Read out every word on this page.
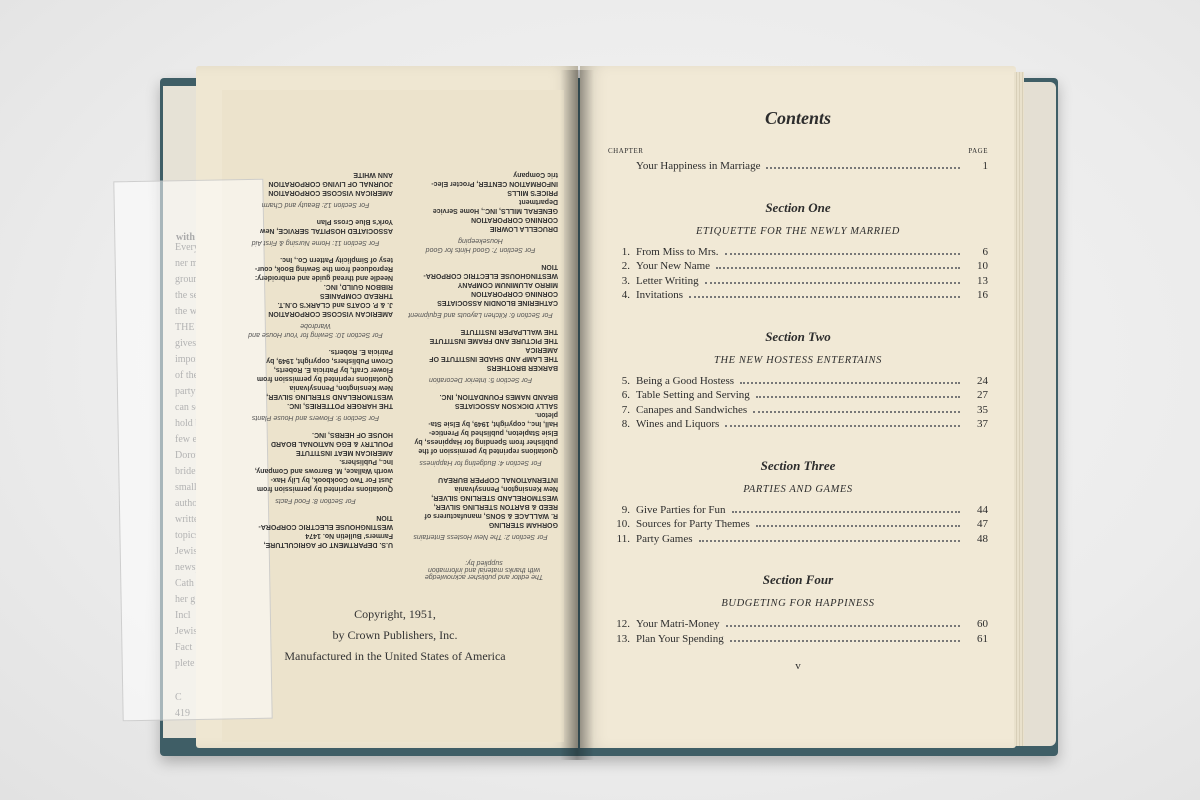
The editor and publisher acknowledge with thanks material and information supplied by:
For Section 2: The New Hostess Entertains
GORHAM STERLING
R. WALLACE & SONS, manufacturers of
REED & BARTON STERLING SILVER,
WESTMORELAND STERLING SILVER,
New Kensington, Pennsylvania
INTERNATIONAL COPPER BUREAU
For Section 4: Budgeting for Happiness
Quotations reprinted by permission of the
publisher from Spending for Happiness, by
Elsie Stapleton, published by Prentice-
Hall, Inc., copyright, 1949, by Elsie Sta-
pleton.
SALLY DICKSON ASSOCIATES
BRAND NAMES FOUNDATION, INC.
For Section 5: Interior Decoration
BARKER BROTHERS
THE LAMP AND SHADE INSTITUTE OF
AMERICA
THE PICTURE AND FRAME INSTITUTE
THE WALLPAPER INSTITUTE
For Section 6: Kitchen Layouts and Equipment
CATHERINE BLONDIN ASSOCIATES
CORNING CORPORATION
MIRRO ALUMINUM COMPANY
WESTINGHOUSE ELECTRIC CORPORA-
TION
For Section 7: Good Hints for Good Housekeeping
DRUCELLA LOWRIE
CORNING CORPORATION
GENERAL MILLS, INC., Home Service
Department
PRICE'S MILLS
INFORMATION CENTER, Procter Elec-
tric Company
U.S. DEPARTMENT OF AGRICULTURE,
Farmers' Bulletin No. 1474
WESTINGHOUSE ELECTRIC CORPORA-
TION
For Section 8: Food Facts
Quotations reprinted by permission from
Just For Two Cookbook, by Lily Hax-
worth Wallace, M. Barrows and Company,
Inc., Publishers.
AMERICAN MEAT INSTITUTE
POULTRY & EGG NATIONAL BOARD
HOUSE OF HERBS, INC.
For Section 9: Flowers and House Plants
THE HARGER POTTERIES, INC.
WESTMORELAND STERLING SILVER,
New Kensington, Pennsylvania
Quotations reprinted by permission from
Flower Craft, by Patricia E. Roberts,
Crown Publishers, copyright, 1949, by
Patricia E. Roberts.
For Section 10: Sewing for Your House and Wardrobe
AMERICAN VISCOSE CORPORATION
J. & P. COATS and CLARK'S O.N.T.
THREAD COMPANIES
RIBBON GUILD, INC.
Needle and thread guide and embroidery:
Reproduced from the Sewing Book, cour-
tesy of Simplicity Pattern Co., Inc.
For Section 11: Home Nursing & First Aid
ASSOCIATED HOSPITAL SERVICE, New
York's Blue Cross Plan
For Section 12: Beauty and Charm
AMERICAN VISCOSE CORPORATION
JOURNAL OF LIVING CORPORATION
ANN WHITE
Copyright, 1951,
by Crown Publishers, Inc.
Manufactured in the United States of America
Contents
CHAPTER	PAGE
Your Happiness in Marriage	1
Section One
ETIQUETTE FOR THE NEWLY MARRIED
1. From Miss to Mrs.	6
2. Your New Name	10
3. Letter Writing	13
4. Invitations	16
Section Two
THE NEW HOSTESS ENTERTAINS
5. Being a Good Hostess	24
6. Table Setting and Serving	27
7. Canapes and Sandwiches	35
8. Wines and Liquors	37
Section Three
PARTIES AND GAMES
9. Give Parties for Fun	44
10. Sources for Party Themes	47
11. Party Games	48
Section Four
BUDGETING FOR HAPPINESS
12. Your Matri-Money	60
13. Plan Your Spending	61
v
